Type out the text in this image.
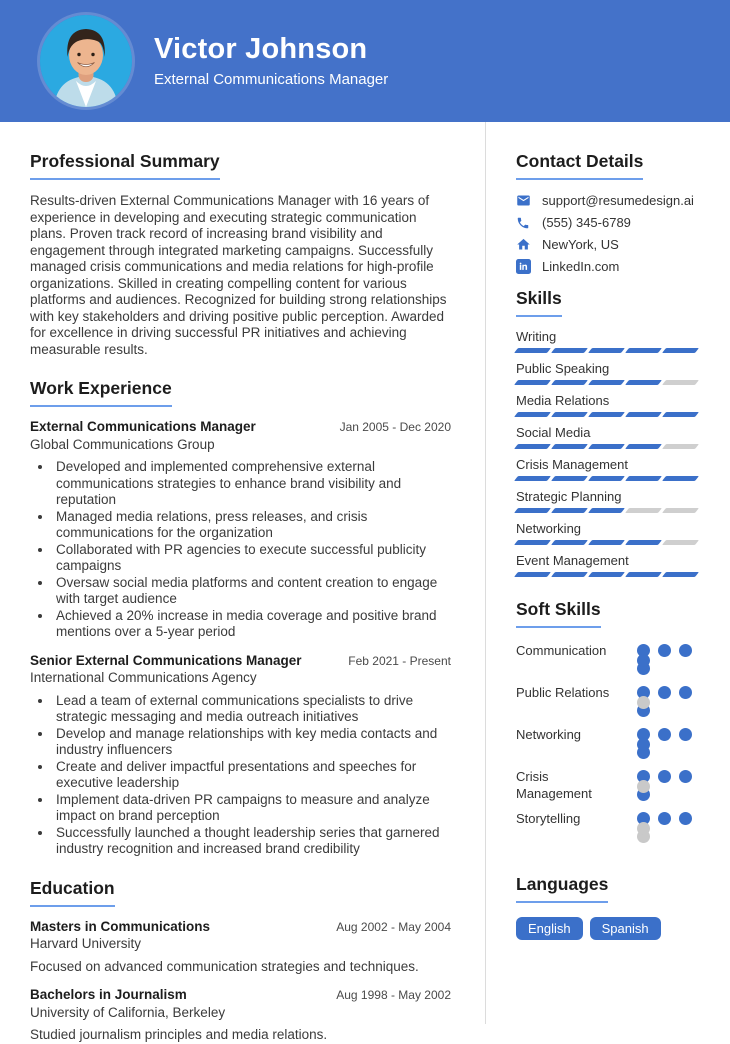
Victor Johnson
External Communications Manager
Professional Summary

Results-driven External Communications Manager with 16 years of experience in developing and executing strategic communication plans. Proven track record of increasing brand visibility and engagement through integrated marketing campaigns. Successfully managed crisis communications and media relations for high-profile organizations. Skilled in creating compelling content for various platforms and audiences. Recognized for building strong relationships with key stakeholders and driving positive public perception. Awarded for excellence in driving successful PR initiatives and achieving measurable results.

Work Experience
External Communications Manager	Jan 2005 - Dec 2020
Global Communications Group
• Developed and implemented comprehensive external communications strategies to enhance brand visibility and reputation
• Managed media relations, press releases, and crisis communications for the organization
• Collaborated with PR agencies to execute successful publicity campaigns
• Oversaw social media platforms and content creation to engage with target audience
• Achieved a 20% increase in media coverage and positive brand mentions over a 5-year period
Senior External Communications Manager	Feb 2021 - Present
International Communications Agency
• Lead a team of external communications specialists to drive strategic messaging and media outreach initiatives
• Develop and manage relationships with key media contacts and industry influencers
• Create and deliver impactful presentations and speeches for executive leadership
• Implement data-driven PR campaigns to measure and analyze impact on brand perception
• Successfully launched a thought leadership series that garnered industry recognition and increased brand credibility
Education
Masters in Communications	Aug 2002 - May 2004
Harvard University
Focused on advanced communication strategies and techniques.
Bachelors in Journalism	Aug 1998 - May 2002
University of California, Berkeley
Studied journalism principles and media relations.
Contact Details
support@resumedesign.ai
(555) 345-6789
NewYork, US
LinkedIn.com
Skills
Writing
Public Speaking
Media Relations
Social Media
Crisis Management
Strategic Planning
Networking
Event Management
Soft Skills
Communication
Public Relations
Networking
Crisis Management
Storytelling
Languages
English	Spanish
